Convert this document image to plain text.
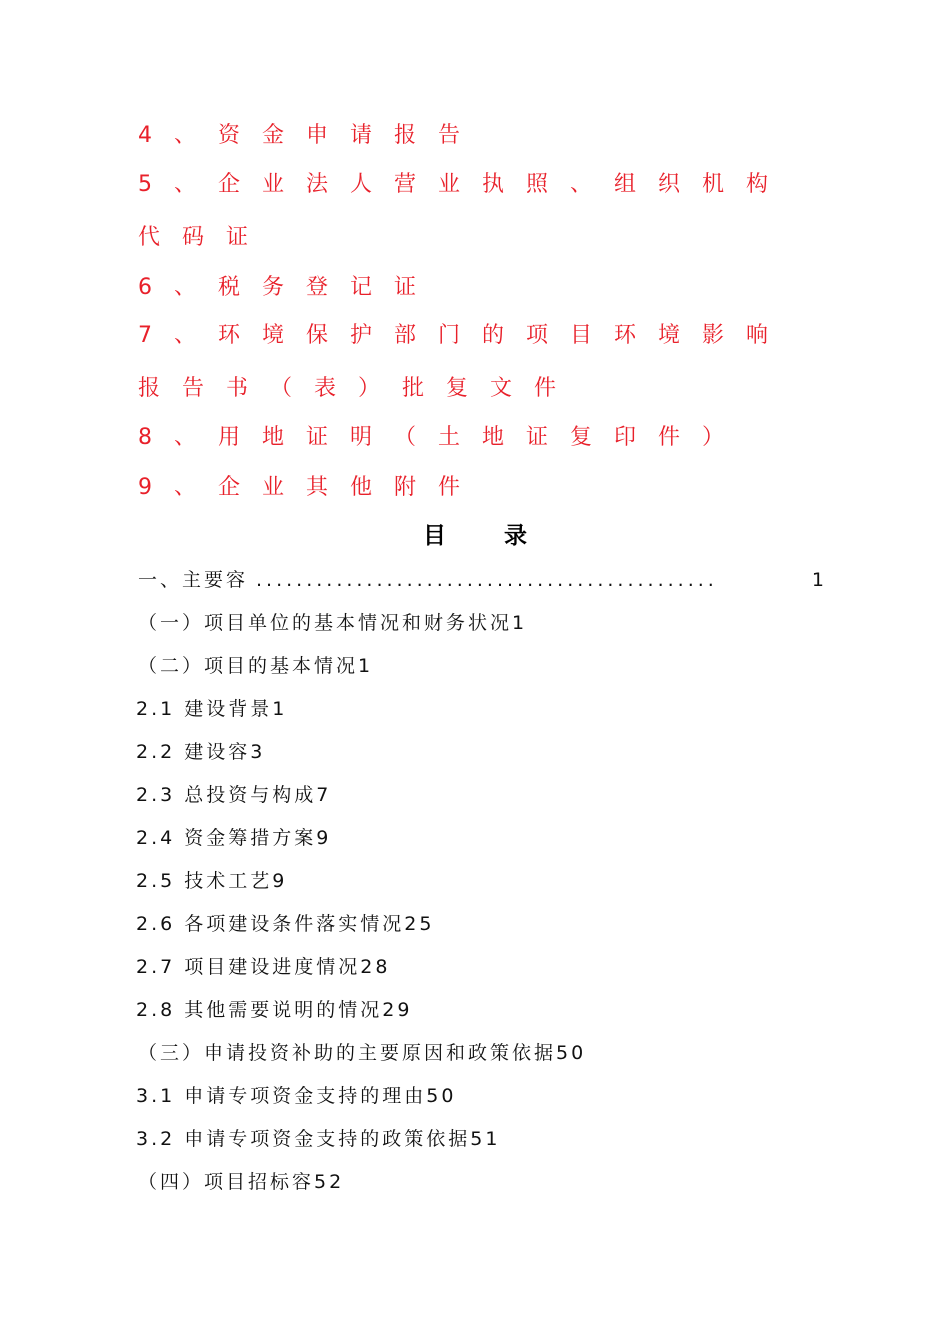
4、资金申请报告
5、企业法人营业执照、组织机构
代码证
6、税务登记证
7、环境保护部门的项目环境影响
报告书（表）批复文件
8、用地证明（土地证复印件）
9、企业其他附件
目录
一、主要容 ..............................................	1
（一）项目单位的基本情况和财务状况1
（二）项目的基本情况1
2.1 建设背景1
2.2 建设容3
2.3 总投资与构成7
2.4 资金筹措方案9
2.5 技术工艺9
2.6 各项建设条件落实情况25
2.7 项目建设进度情况28
2.8 其他需要说明的情况29
（三）申请投资补助的主要原因和政策依据50
3.1 申请专项资金支持的理由50
3.2 申请专项资金支持的政策依据51
（四）项目招标容52
